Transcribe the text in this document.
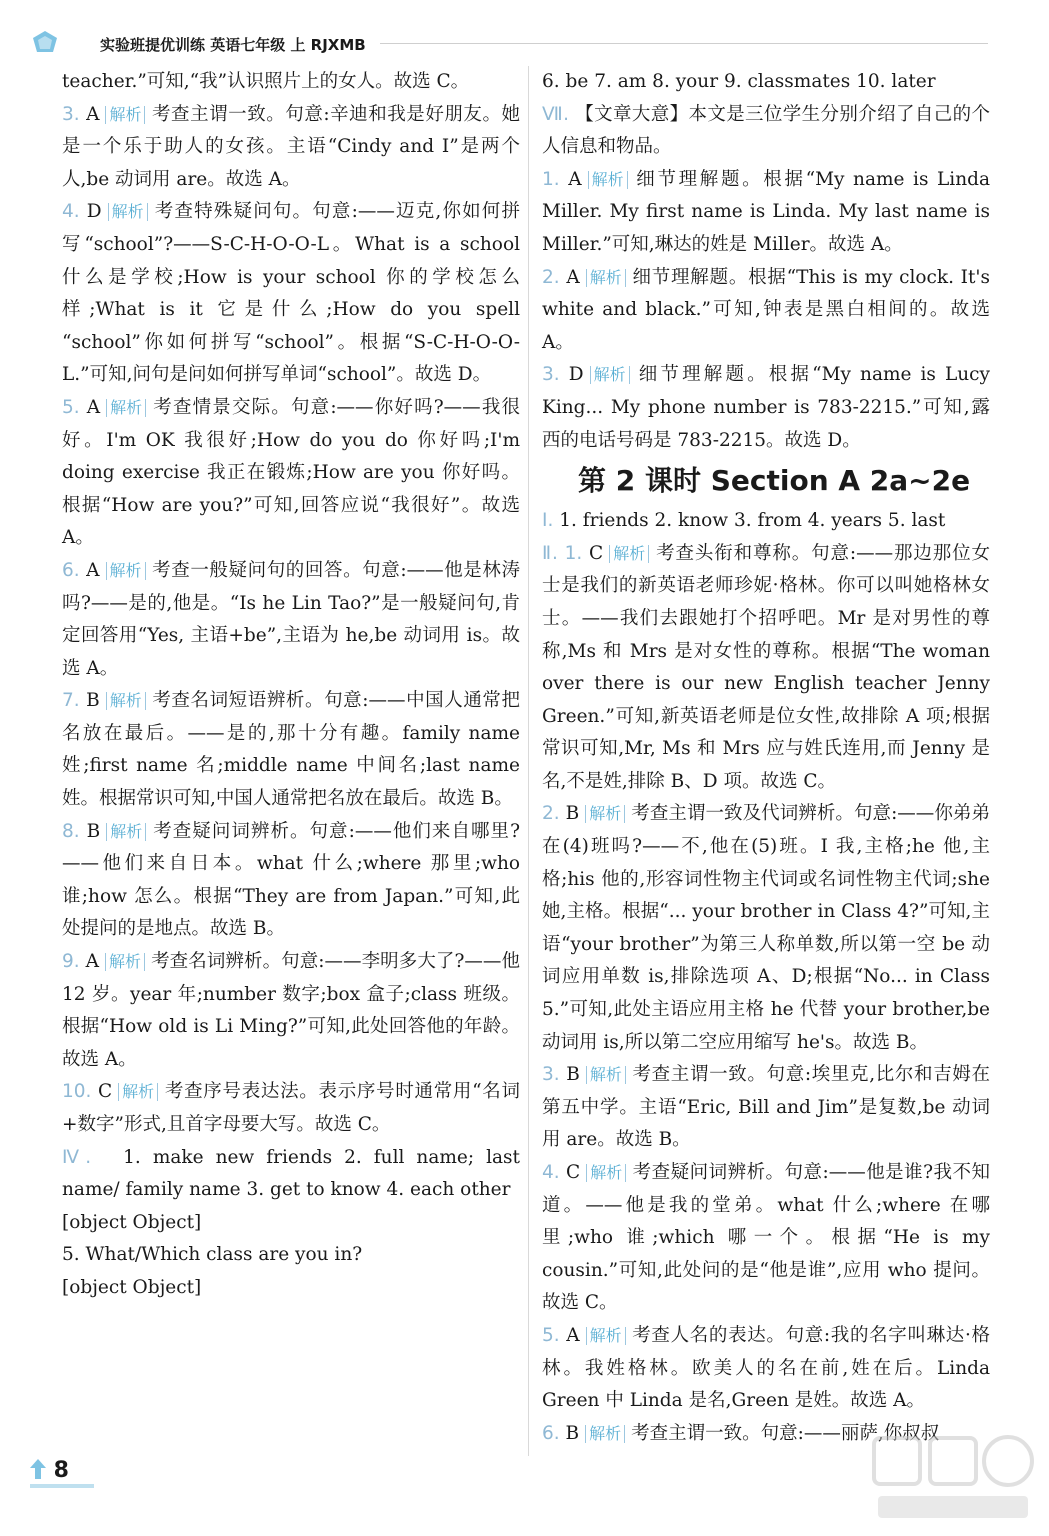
实验班提优训练 英语七年级 上 RJXMB
teacher.”可知,“我”认识照片上的女人。故选 C。
3. A 解析 考查主谓一致。句意:辛迪和我是好朋友。她是一个乐于助人的女孩。主语“Cindy and I”是两个人,be 动词用 are。故选 A。
4. D 解析 考查特殊疑问句。句意:——迈克,你如何拼写“school”?——S-C-H-O-O-L。What is a school 什么是学校;How is your school 你的学校怎么样;What is it 它是什么;How do you spell “school”你如何拼写“school”。根据“S-C-H-O-O-L.”可知,问句是问如何拼写单词“school”。故选 D。
5. A 解析 考查情景交际。句意:——你好吗?——我很好。I'm OK 我很好;How do you do 你好吗;I'm doing exercise 我正在锻炼;How are you 你好吗。根据“How are you?”可知,回答应说“我很好”。故选 A。
6. A 解析 考查一般疑问句的回答。句意:——他是林涛吗?——是的,他是。“Is he Lin Tao?”是一般疑问句,肯定回答用“Yes, 主语+be”,主语为 he,be 动词用 is。故选 A。
7. B 解析 考查名词短语辨析。句意:——中国人通常把名放在最后。——是的,那十分有趣。family name 姓;first name 名;middle name 中间名;last name 姓。根据常识可知,中国人通常把名放在最后。故选 B。
8. B 解析 考查疑问词辨析。句意:——他们来自哪里?——他们来自日本。what 什么;where 那里;who 谁;how 怎么。根据“They are from Japan.”可知,此处提问的是地点。故选 B。
9. A 解析 考查名词辨析。句意:——李明多大了?——他 12 岁。year 年;number 数字;box 盒子;class 班级。根据“How old is Li Ming?”可知,此处回答他的年龄。故选 A。
10. C 解析 考查序号表达法。表示序号时通常用“名词+数字”形式,且首字母要大写。故选 C。
Ⅳ. 1. make new friends 2. full name; last name/ family name 3. get to know 4. each other
[object Object]
5. What/Which class are you in?
[object Object]
6. be 7. am 8. your 9. classmates 10. later
Ⅶ. 【文章大意】本文是三位学生分别介绍了自己的个人信息和物品。
1. A 解析 细节理解题。根据“My name is Linda Miller. My first name is Linda. My last name is Miller.”可知,琳达的姓是 Miller。故选 A。
2. A 解析 细节理解题。根据“This is my clock. It's white and black.”可知,钟表是黑白相间的。故选 A。
3. D 解析 细节理解题。根据“My name is Lucy King... My phone number is 783-2215.”可知,露西的电话号码是 783-2215。故选 D。
第 2 课时 Section A 2a~2e
Ⅰ. 1. friends 2. know 3. from 4. years 5. last
Ⅱ. 1. C 解析 考查头衔和尊称。句意:——那边那位女士是我们的新英语老师珍妮·格林。你可以叫她格林女士。——我们去跟她打个招呼吧。Mr 是对男性的尊称,Ms 和 Mrs 是对女性的尊称。根据“The woman over there is our new English teacher Jenny Green.”可知,新英语老师是位女性,故排除 A 项;根据常识可知,Mr, Ms 和 Mrs 应与姓氏连用,而 Jenny 是名,不是姓,排除 B、D 项。故选 C。
2. B 解析 考查主谓一致及代词辨析。句意:——你弟弟在(4)班吗?——不,他在(5)班。I 我,主格;he 他,主格;his 他的,形容词性物主代词或名词性物主代词;she 她,主格。根据“... your brother in Class 4?”可知,主语“your brother”为第三人称单数,所以第一空 be 动词应用单数 is,排除选项 A、D;根据“No... in Class 5.”可知,此处主语应用主格 he 代替 your brother,be 动词用 is,所以第二空应用缩写 he's。故选 B。
3. B 解析 考查主谓一致。句意:埃里克,比尔和吉姆在第五中学。主语“Eric, Bill and Jim”是复数,be 动词用 are。故选 B。
4. C 解析 考查疑问词辨析。句意:——他是谁?我不知道。——他是我的堂弟。what 什么;where 在哪里;who 谁;which 哪一个。根据“He is my cousin.”可知,此处问的是“他是谁”,应用 who 提问。故选 C。
5. A 解析 考查人名的表达。句意:我的名字叫琳达·格林。我姓格林。欧美人的名在前,姓在后。Linda Green 中 Linda 是名,Green 是姓。故选 A。
6. B 解析 考查主谓一致。句意:——丽萨,你叔叔
8
